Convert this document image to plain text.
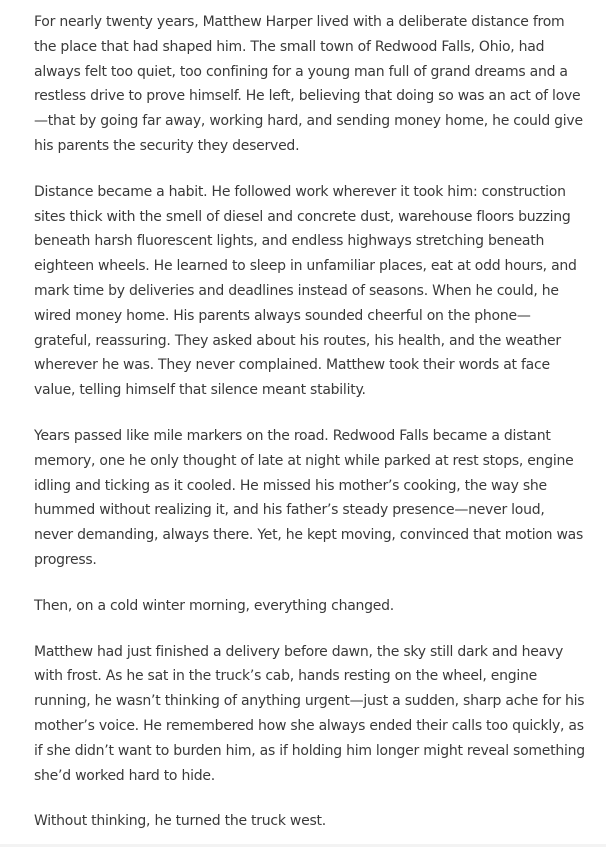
For nearly twenty years, Matthew Harper lived with a deliberate distance from the place that had shaped him. The small town of Redwood Falls, Ohio, had always felt too quiet, too confining for a young man full of grand dreams and a restless drive to prove himself. He left, believing that doing so was an act of love—that by going far away, working hard, and sending money home, he could give his parents the security they deserved.

Distance became a habit. He followed work wherever it took him: construction sites thick with the smell of diesel and concrete dust, warehouse floors buzzing beneath harsh fluorescent lights, and endless highways stretching beneath eighteen wheels. He learned to sleep in unfamiliar places, eat at odd hours, and mark time by deliveries and deadlines instead of seasons. When he could, he wired money home. His parents always sounded cheerful on the phone—grateful, reassuring. They asked about his routes, his health, and the weather wherever he was. They never complained. Matthew took their words at face value, telling himself that silence meant stability.

Years passed like mile markers on the road. Redwood Falls became a distant memory, one he only thought of late at night while parked at rest stops, engine idling and ticking as it cooled. He missed his mother’s cooking, the way she hummed without realizing it, and his father’s steady presence—never loud, never demanding, always there. Yet, he kept moving, convinced that motion was progress.

Then, on a cold winter morning, everything changed.

Matthew had just finished a delivery before dawn, the sky still dark and heavy with frost. As he sat in the truck’s cab, hands resting on the wheel, engine running, he wasn’t thinking of anything urgent—just a sudden, sharp ache for his mother’s voice. He remembered how she always ended their calls too quickly, as if she didn’t want to burden him, as if holding him longer might reveal something she’d worked hard to hide.

Without thinking, he turned the truck west.
